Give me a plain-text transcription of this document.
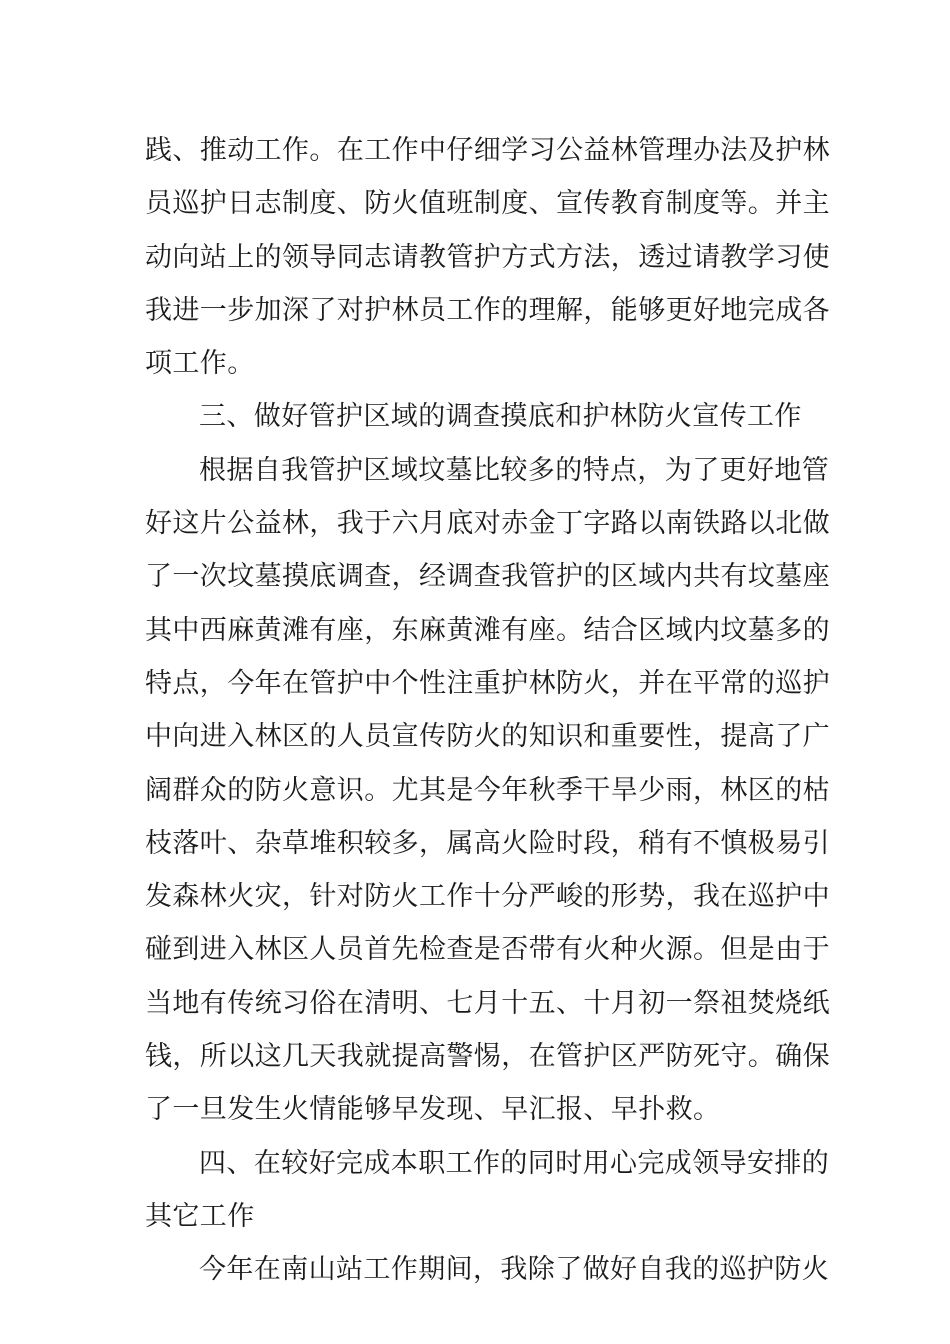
践、推动工作。在工作中仔细学习公益林管理办法及护林
员巡护日志制度、防火值班制度、宣传教育制度等。并主
动向站上的领导同志请教管护方式方法，透过请教学习使
我进一步加深了对护林员工作的理解，能够更好地完成各
项工作。
三、做好管护区域的调查摸底和护林防火宣传工作
根据自我管护区域坟墓比较多的特点，为了更好地管
好这片公益林，我于六月底对赤金丁字路以南铁路以北做
了一次坟墓摸底调查，经调查我管护的区域内共有坟墓座
其中西麻黄滩有座，东麻黄滩有座。结合区域内坟墓多的
特点，今年在管护中个性注重护林防火，并在平常的巡护
中向进入林区的人员宣传防火的知识和重要性，提高了广
阔群众的防火意识。尤其是今年秋季干旱少雨，林区的枯
枝落叶、杂草堆积较多，属高火险时段，稍有不慎极易引
发森林火灾，针对防火工作十分严峻的形势，我在巡护中
碰到进入林区人员首先检查是否带有火种火源。但是由于
当地有传统习俗在清明、七月十五、十月初一祭祖焚烧纸
钱，所以这几天我就提高警惕，在管护区严防死守。确保
了一旦发生火情能够早发现、早汇报、早扑救。
四、在较好完成本职工作的同时用心完成领导安排的
其它工作
今年在南山站工作期间，我除了做好自我的巡护防火
